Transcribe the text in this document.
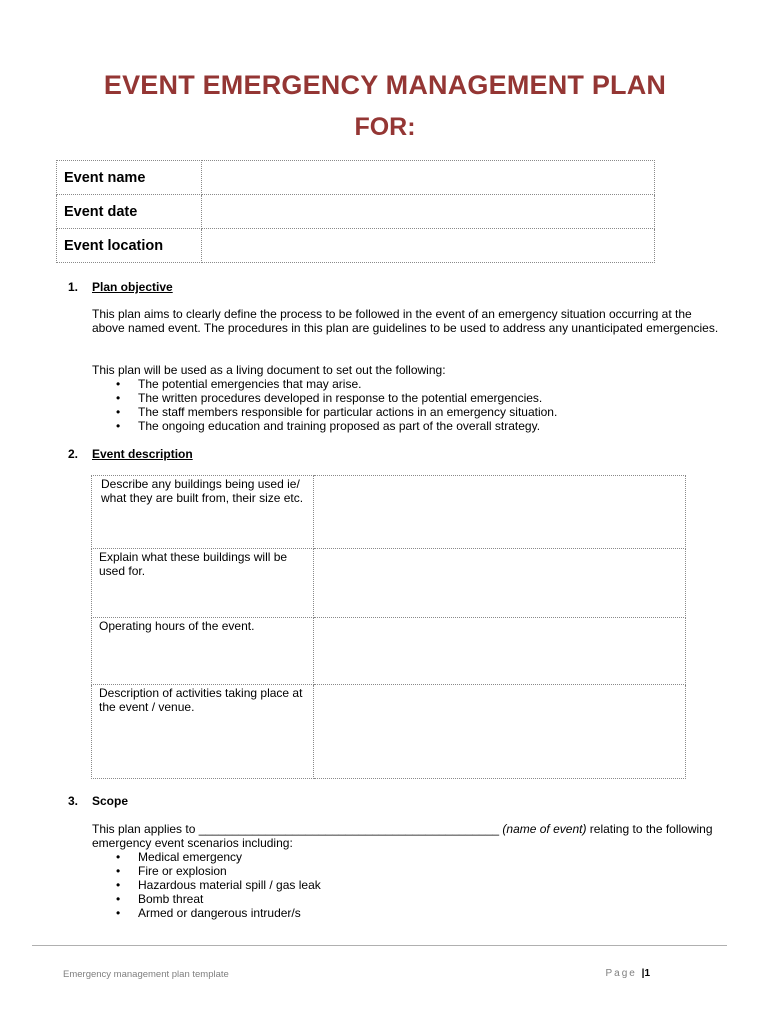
EVENT EMERGENCY MANAGEMENT PLAN
FOR:
Event name	
Event date	
Event location	
1. Plan objective

This plan aims to clearly define the process to be followed in the event of an emergency situation occurring at the above named event. The procedures in this plan are guidelines to be used to address any unanticipated emergencies.

This plan will be used as a living document to set out the following:

• The potential emergencies that may arise.
• The written procedures developed in response to the potential emergencies.
• The staff members responsible for particular actions in an emergency situation.
• The ongoing education and training proposed as part of the overall strategy.
2. Event description
Describe any buildings being used ie/ what they are built from, their size etc.	
Explain what these buildings will be used for.	
Operating hours of the event.	
Description of activities taking place at the event / venue.	
3. Scope

This plan applies to _____________________________________________ (name of event) relating to the following emergency event scenarios including:

• Medical emergency
• Fire or explosion
• Hazardous material spill / gas leak
• Bomb threat
• Armed or dangerous intruder/s
Emergency management plan template	Page |1
